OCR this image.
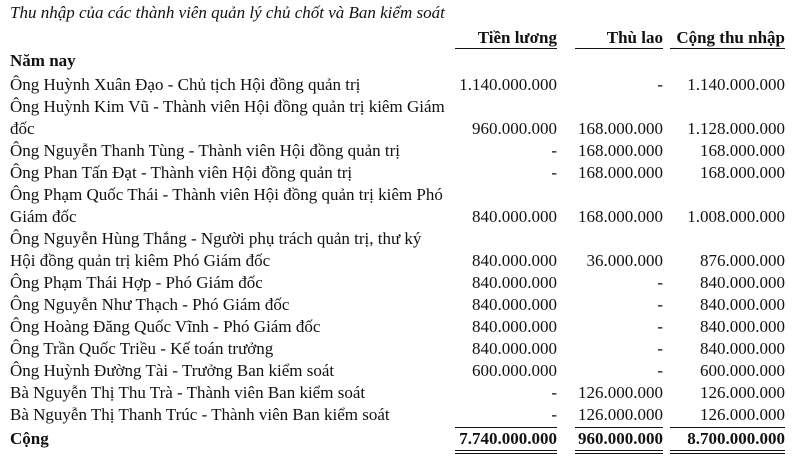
Thu nhập của các thành viên quản lý chủ chốt và Ban kiểm soát
Tiền lương	Thù lao Cộng thu nhập
Năm nay
Ông Huỳnh Xuân Đạo - Chủ tịch Hội đồng quản trị	1.140.000.000	- 1.140.000.000
Ông Huỳnh Kim Vũ - Thành viên Hội đồng quản trị kiêm Giám đốc	960.000.000 168.000.000 1.128.000.000
Ông Nguyễn Thanh Tùng - Thành viên Hội đồng quản trị	- 168.000.000 168.000.000
Ông Phan Tấn Đạt - Thành viên Hội đồng quản trị	- 168.000.000 168.000.000
Ông Phạm Quốc Thái - Thành viên Hội đồng quản trị kiêm Phó Giám đốc	840.000.000 168.000.000 1.008.000.000
Ông Nguyễn Hùng Thắng - Người phụ trách quản trị, thư ký Hội đồng quản trị kiêm Phó Giám đốc	840.000.000 36.000.000 876.000.000
Ông Phạm Thái Hợp - Phó Giám đốc	840.000.000	- 840.000.000
Ông Nguyễn Như Thạch - Phó Giám đốc	840.000.000	- 840.000.000
Ông Hoàng Đăng Quốc Vĩnh - Phó Giám đốc	840.000.000	- 840.000.000
Ông Trần Quốc Triều - Kế toán trưởng	840.000.000	- 840.000.000
Ông Huỳnh Đường Tài - Trưởng Ban kiểm soát	600.000.000	- 600.000.000
Bà Nguyễn Thị Thu Trà - Thành viên Ban kiểm soát	- 126.000.000 126.000.000
Bà Nguyễn Thị Thanh Trúc - Thành viên Ban kiểm soát	- 126.000.000 126.000.000
Cộng	7.740.000.000 960.000.000 8.700.000.000
